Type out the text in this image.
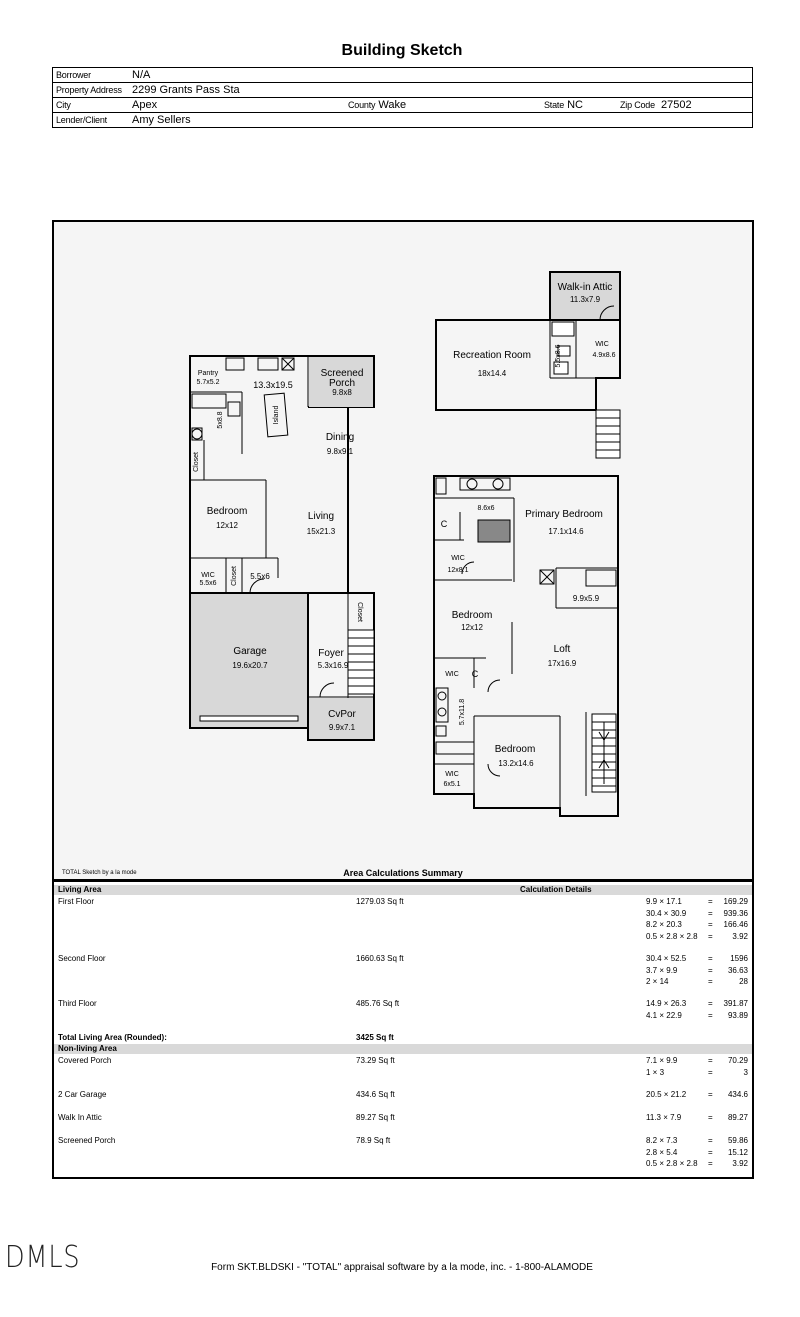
Building Sketch
Borrower	N/A			
Property Address	2299 Grants Pass Sta			
City	Apex	County Wake	State NC	Zip Code 27502
Lender/Client	Amy Sellers			
Pantry
5.7x5.2	13.3x19.5
Screened
Porch
9.8x8
Island
5x8.8
Dining
9.8x9.1
Closet
Bedroom
12x12
Living
15x21.3
WIC
5.5x6 Closet 5.5x6
Closet
Garage
19.6x20.7
Foyer
5.3x16.9
CvPor
9.9x7.1
Walk-in Attic
11.3x7.9
Recreation Room
18x14.4
5.5x8.6
WIC
4.9x8.6
8.6x6
Primary Bedroom
17.1x14.6
C
WIC
12x8.1
9.9x5.9
Bedroom
12x12
Loft
17x16.9
WIC C
5.7x11.8
Bedroom
13.2x14.6
WIC
6x5.1
TOTAL Sketch by a la mode	Area Calculations Summary
Living Area	Calculation Details
First Floor	1279.03 Sq ft	9.9 × 17.1	= 169.29
30.4 × 30.9	= 939.36
8.2 × 20.3	= 166.46
0.5 × 2.8 × 2.8 = 3.92
Second Floor	1660.63 Sq ft	30.4 × 52.5	= 1596
3.7 × 9.9	= 36.63
2 × 14	=	28
Third Floor	485.76 Sq ft	14.9 × 26.3	= 391.87
4.1 × 22.9	= 93.89
Total Living Area (Rounded):	3425 Sq ft
Non-living Area
Covered Porch	73.29 Sq ft	7.1 × 9.9	= 70.29
1 × 3	=	3
2 Car Garage	434.6 Sq ft	20.5 × 21.2	= 434.6
Walk In Attic	89.27 Sq ft	11.3 × 7.9	= 89.27
Screened Porch	78.9 Sq ft	8.2 × 7.3	= 59.86
2.8 × 5.4	= 15.12
0.5 × 2.8 × 2.8 = 3.92
DMLS	Form SKT.BLDSKI - "TOTAL" appraisal software by a la mode, inc. - 1-800-ALAMODE
